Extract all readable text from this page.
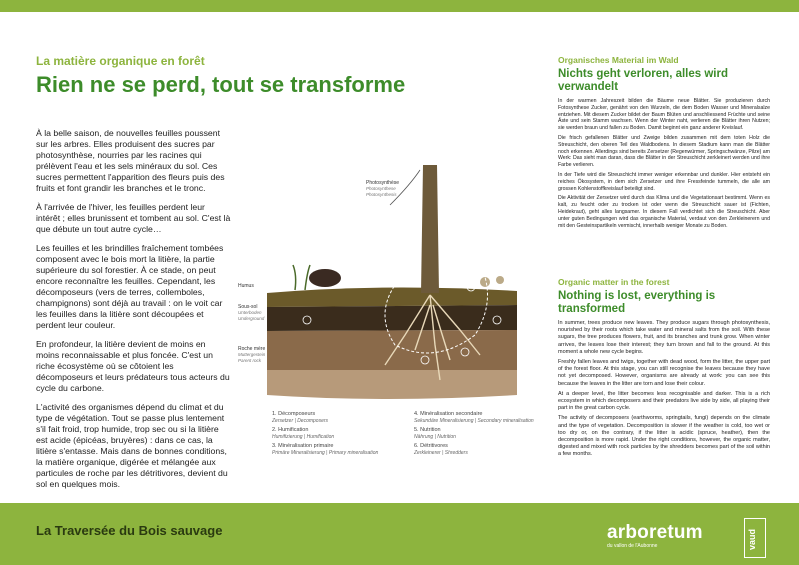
La matière organique en forêt
Rien ne se perd, tout se transforme

À la belle saison, de nouvelles feuilles poussent sur les arbres. Elles produisent des sucres par photosynthèse, nourries par les racines qui prélèvent l'eau et les sels minéraux du sol. Ces sucres permettent l'apparition des fleurs puis des fruits et font grandir les branches et le tronc.

À l'arrivée de l'hiver, les feuilles perdent leur intérêt ; elles brunissent et tombent au sol. C'est là que débute un tout autre cycle…

Les feuilles et les brindilles fraîchement tombées composent avec le bois mort la litière, la partie supérieure du sol forestier. À ce stade, on peut encore reconnaître les feuilles. Cependant, les décomposeurs (vers de terres, collemboles, champignons) sont déjà au travail : on le voit car les feuilles dans la litière sont découpées et perdent leur couleur.

En profondeur, la litière devient de moins en moins reconnaissable et plus foncée. C'est un riche écosystème où se côtoient les décomposeurs et leurs prédateurs tous acteurs du cycle du carbone.

L'activité des organismes dépend du climat et du type de végétation. Tout se passe plus lentement s'il fait froid, trop humide, trop sec ou si la litière est acide (épicéas, bruyères) : dans ce cas, la litière s'entasse. Mais dans de bonnes conditions, la matière organique, digérée et mélangée aux particules de roche par les détritivores, devient du sol en quelques mois.

Photosynthèse
Photosynthese
Photosynthesis
Humus
Sous-sol
Unterboden
Underground
Roche mère
Muttergestein
Parent rock
1. Décomposeurs
Zersetzer | Decomposers
2. Humification
Humifizierung | Humification
3. Minéralisation primaire
Primäre Mineralisierung | Primary mineralisation
4. Minéralisation secondaire
Sekundäre Mineralisierung | Secondary mineralisation
5. Nutrition
Nährung | Nutrition
6. Détritivores
Zerkleinerer | Shredders
Organisches Material im Wald
Nichts geht verloren, alles wird verwandelt

In der warmen Jahreszeit bilden die Bäume neue Blätter. Sie produzieren durch Fotosynthese Zucker, genährt von den Wurzeln, die dem Boden Wasser und Mineralsalze entziehen. Mit diesem Zucker bildet der Baum Blüten und anschliessend Früchte und seine Äste und sein Stamm wachsen. Wenn der Winter naht, verlieren die Blätter ihren Nutzen; sie werden braun und fallen zu Boden. Damit beginnt ein ganz anderer Kreislauf.

Die frisch gefallenen Blätter und Zweige bilden zusammen mit dem toten Holz die Streuschicht, den oberen Teil des Waldbodens. In diesem Stadium kann man die Blätter noch erkennen. Allerdings sind bereits Zersetzer (Regenwürmer, Springschwänze, Pilze) am Werk: Das sieht man daran, dass die Blätter in der Streuschicht zerkleinert werden und ihre Farbe verlieren.

In der Tiefe wird die Streuschicht immer weniger erkennbar und dunkler. Hier entsteht ein reiches Ökosystem, in dem sich Zersetzer und ihre Fressfeinde tummeln, die alle am grossen Kohlenstoffkreislauf beteiligt sind.

Die Aktivität der Zersetzer wird durch das Klima und die Vegetationsart bestimmt. Wenn es kalt, zu feucht oder zu trocken ist oder wenn die Streuschicht sauer ist (Fichten, Heidekraut), geht alles langsamer. In diesem Fall verdichtet sich die Streuschicht. Aber unter guten Bedingungen wird das organische Material, verdaut von den Zerkleinerern und mit den Gesteinspartikeln vermischt, innerhalb weniger Monate zu Boden.

Organic matter in the forest
Nothing is lost, everything is transformed

In summer, trees produce new leaves. They produce sugars through photosynthesis, nourished by their roots which take water and mineral salts from the soil. With these sugars, the tree produces flowers, fruit, and its branches and trunk grow. When winter arrives, the leaves lose their interest; they turn brown and fall to the ground. At this moment a whole new cycle begins.

Freshly fallen leaves and twigs, together with dead wood, form the litter, the upper part of the forest floor. At this stage, you can still recognise the leaves because they have not yet decomposed. However, organisms are already at work: you can see this because the leaves in the litter are torn and lose their colour.

At a deeper level, the litter becomes less recognisable and darker. This is a rich ecosystem in which decomposers and their predators live side by side, all playing their part in the great carbon cycle.

The activity of decomposers (earthworms, springtails, fungi) depends on the climate and the type of vegetation. Decomposition is slower if the weather is cold, too wet or too dry or, on the contrary, if the litter is acidic (spruce, heather), then the decomposition is more rapid. Under the right conditions, however, the organic matter, digested and mixed with rock particles by the shredders becomes part of the soil within a few months.

La Traversée du Bois sauvage	arboretum
du vallon de l'Aubonne	vaud
